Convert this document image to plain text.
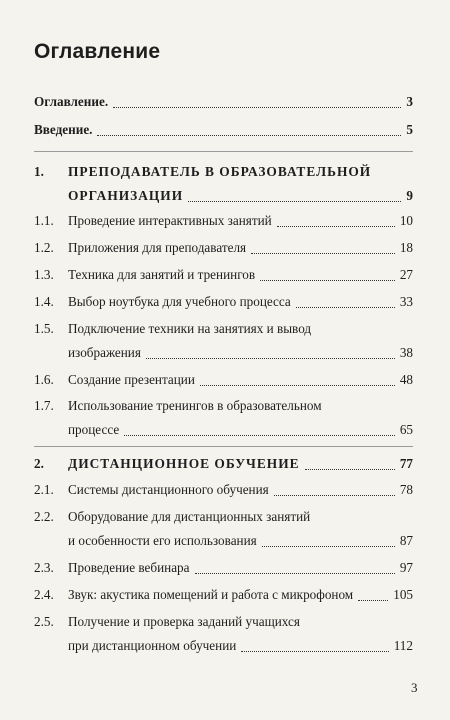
Оглавление
Оглавление .	3
Введение .	5
1.	ПРЕПОДАВАТЕЛЬ В ОБРАЗОВАТЕЛЬНОЙ
ОРГАНИЗАЦИИ	9
1.1.	Проведение интерактивных занятий	10
1.2.	Приложения для преподавателя	18
1.3.	Техника для занятий и тренингов	27
1.4.	Выбор ноутбука для учебного процесса	33
1.5.	Подключение техники на занятиях и вывод
изображения	38
1.6.	Создание презентации	48
1.7.	Использование тренингов в образовательном
процессе	65
2.	ДИСТАНЦИОННОЕ ОБУЧЕНИЕ	77
2.1.	Системы дистанционного обучения	78
2.2.	Оборудование для дистанционных занятий
и особенности его использования	87
2.3.	Проведение вебинара	97
2.4.	Звук: акустика помещений и работа с микрофоном	105
2.5.	Получение и проверка заданий учащихся
при дистанционном обучении	112
3
